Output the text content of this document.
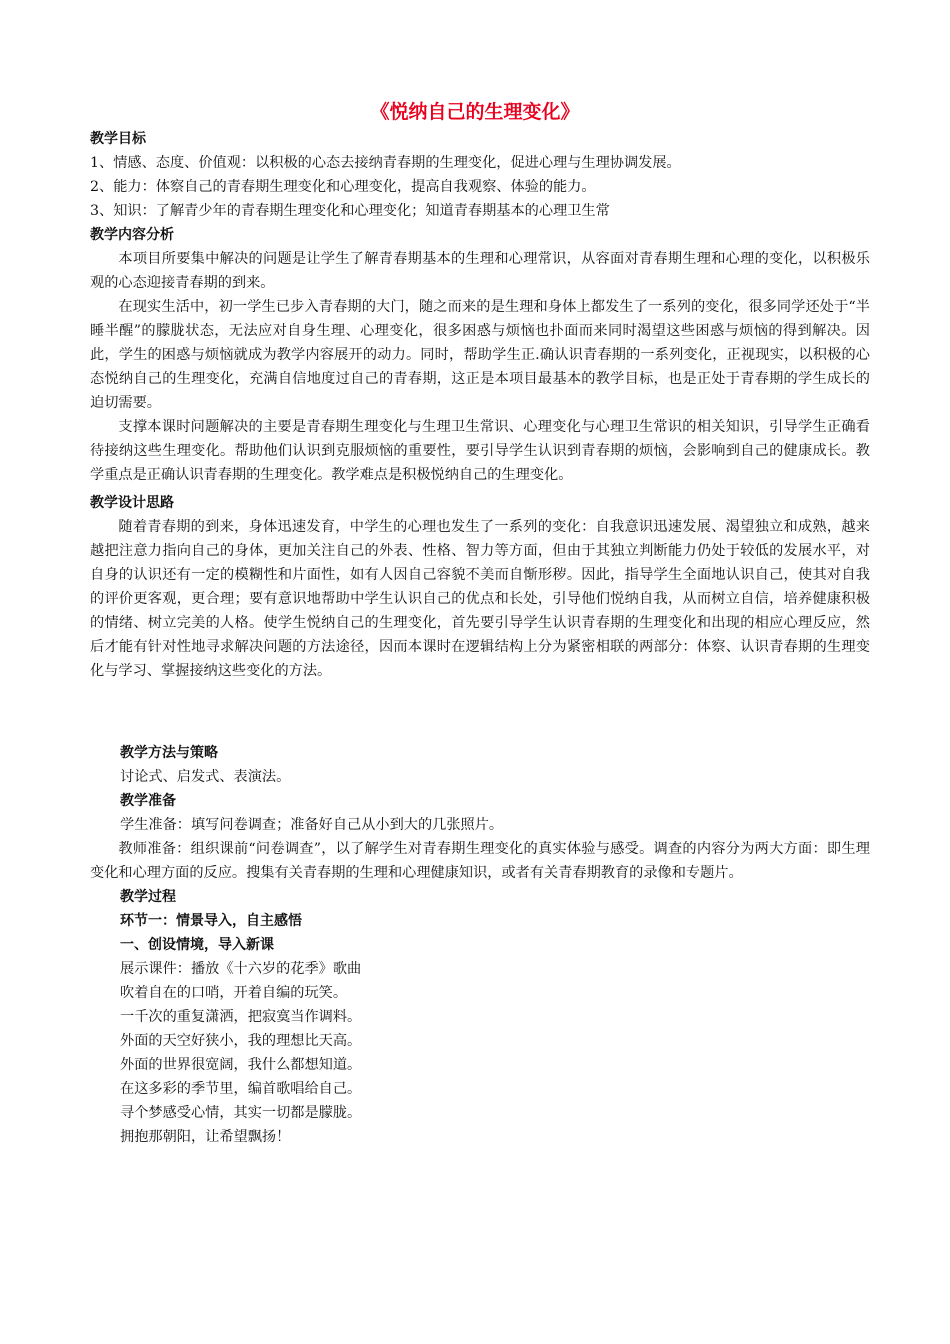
《悦纳自己的生理变化》
教学目标
1、情感、态度、价值观：以积极的心态去接纳青春期的生理变化，促进心理与生理协调发展。
2、能力：体察自己的青春期生理变化和心理变化，提高自我观察、体验的能力。
3、知识：了解青少年的青春期生理变化和心理变化；知道青春期基本的心理卫生常
教学内容分析
本项目所要集中解决的问题是让学生了解青春期基本的生理和心理常识，从容面对青春期生理和心理的变化，以积极乐观的心态迎接青春期的到来。
在现实生活中，初一学生已步入青春期的大门，随之而来的是生理和身体上都发生了一系列的变化，很多同学还处于“半睡半醒”的朦胧状态，无法应对自身生理、心理变化，很多困惑与烦恼也扑面而来同时渴望这些困惑与烦恼的得到解决。因此，学生的困惑与烦恼就成为教学内容展开的动力。同时，帮助学生正.确认识青春期的一系列变化，正视现实，以积极的心态悦纳自己的生理变化，充满自信地度过自己的青春期，这正是本项目最基本的教学目标，也是正处于青春期的学生成长的迫切需要。
支撑本课时问题解决的主要是青春期生理变化与生理卫生常识、心理变化与心理卫生常识的相关知识，引导学生正确看待接纳这些生理变化。帮助他们认识到克服烦恼的重要性，要引导学生认识到青春期的烦恼，会影响到自己的健康成长。教学重点是正确认识青春期的生理变化。教学难点是积极悦纳自己的生理变化。
教学设计思路
随着青春期的到来，身体迅速发育，中学生的心理也发生了一系列的变化：自我意识迅速发展、渴望独立和成熟，越来越把注意力指向自己的身体，更加关注自己的外表、性格、智力等方面，但由于其独立判断能力仍处于较低的发展水平，对自身的认识还有一定的模糊性和片面性，如有人因自己容貌不美而自惭形秽。因此，指导学生全面地认识自己，使其对自我的评价更客观，更合理；要有意识地帮助中学生认识自己的优点和长处，引导他们悦纳自我，从而树立自信，培养健康积极的情绪、树立完美的人格。使学生悦纳自己的生理变化，首先要引导学生认识青春期的生理变化和出现的相应心理反应，然后才能有针对性地寻求解决问题的方法途径，因而本课时在逻辑结构上分为紧密相联的两部分：体察、认识青春期的生理变化与学习、掌握接纳这些变化的方法。
教学方法与策略
讨论式、启发式、表演法。
教学准备
学生准备：填写问卷调查；准备好自己从小到大的几张照片。
教师准备：组织课前“问卷调查”，以了解学生对青春期生理变化的真实体验与感受。调查的内容分为两大方面：即生理变化和心理方面的反应。搜集有关青春期的生理和心理健康知识，或者有关青春期教育的录像和专题片。
教学过程
环节一：情景导入，自主感悟
一、创设情境，导入新课
展示课件：播放《十六岁的花季》歌曲
吹着自在的口哨，开着自编的玩笑。
一千次的重复潇洒，把寂寞当作调料。
外面的天空好狭小，我的理想比天高。
外面的世界很宽阔，我什么都想知道。
在这多彩的季节里，编首歌唱给自己。
寻个梦感受心情，其实一切都是朦胧。
拥抱那朝阳，让希望飘扬！
